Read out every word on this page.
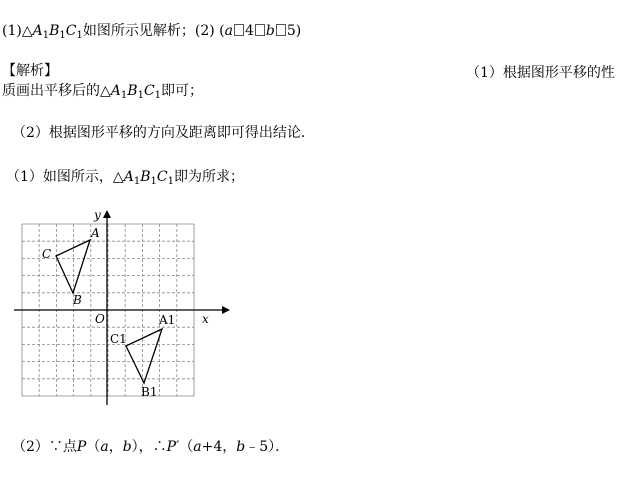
$(1)\triangle A_1B_1C_1$如图所示见解析；(2) (a 4 b 5)
【解析】	（1）根据图形平移的性
质画出平移后的$\triangle A_1B_1C_1$即可；
（2）根据图形平移的方向及距离即可得出结论．
（1）如图所示，$\triangle A_1B_1C_1$即为所求；
x
y
O
A
C
B
A1
C1
B1
（2）∵点P（a，b），∴P′（a+4，b﹣5）．
